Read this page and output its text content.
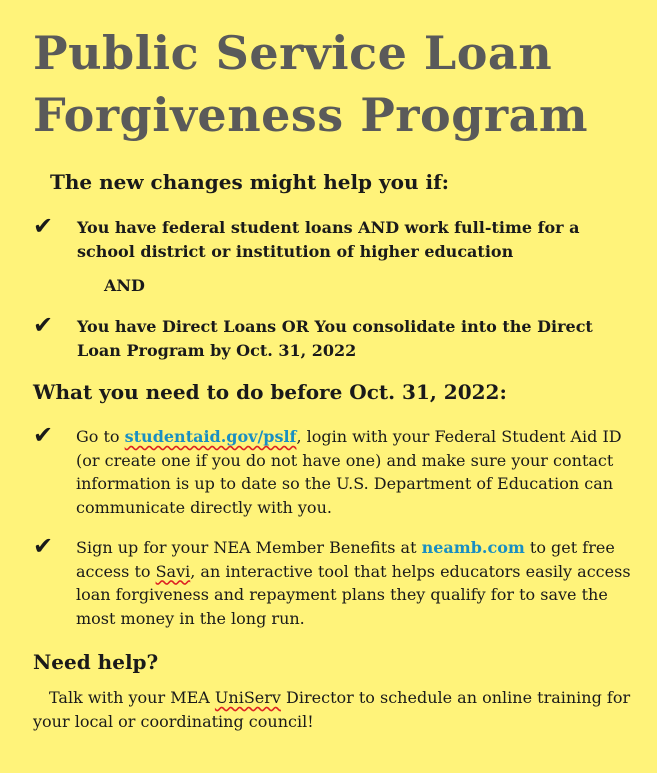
Public Service Loan
Forgiveness Program
The new changes might help you if:
✔ You have federal student loans AND work full-time for a school district or institution of higher education
AND
✔ You have Direct Loans OR You consolidate into the Direct Loan Program by Oct. 31, 2022
What you need to do before Oct. 31, 2022:
✔ Go to studentaid.gov/pslf, login with your Federal Student Aid ID (or create one if you do not have one) and make sure your contact information is up to date so the U.S. Department of Education can communicate directly with you.
✔ Sign up for your NEA Member Benefits at neamb.com to get free access to Savi, an interactive tool that helps educators easily access loan forgiveness and repayment plans they qualify for to save the most money in the long run.
Need help?
Talk with your MEA UniServ Director to schedule an online training for your local or coordinating council!
